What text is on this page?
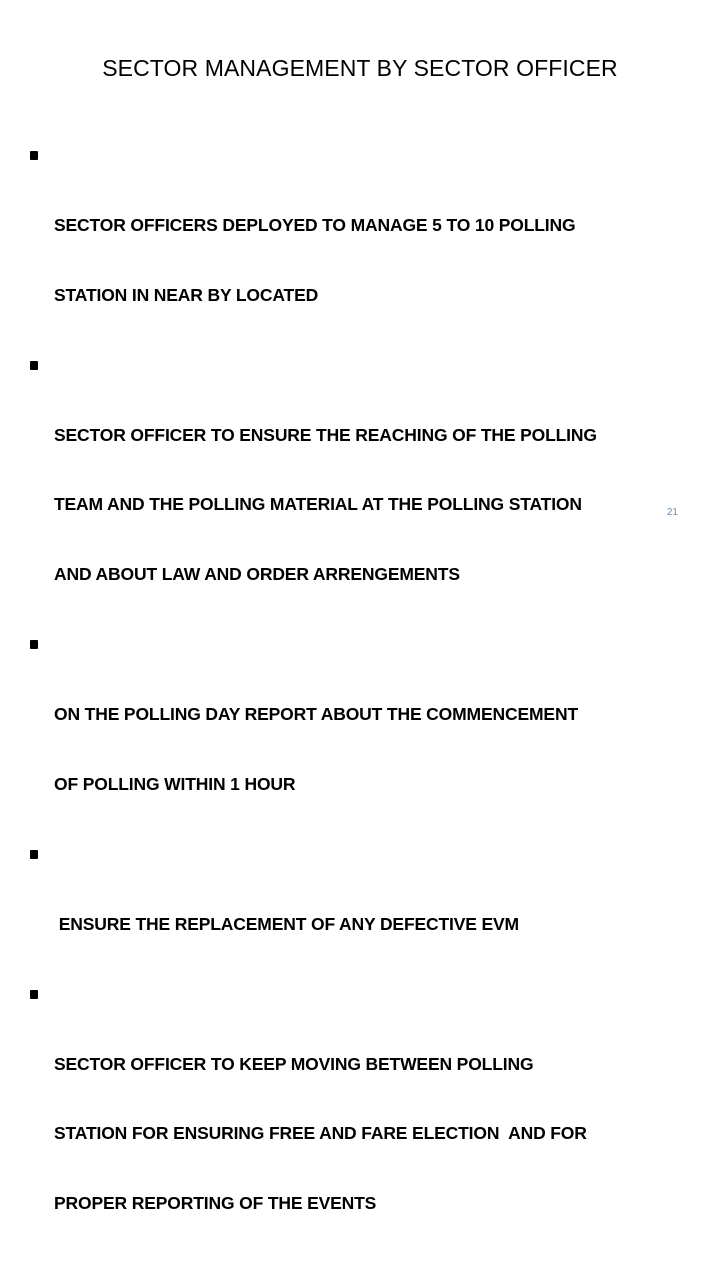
SECTOR MANAGEMENT BY SECTOR OFFICER

SECTOR OFFICERS DEPLOYED TO MANAGE 5 TO 10 POLLING

STATION IN NEAR BY LOCATED

SECTOR OFFICER TO ENSURE THE REACHING OF THE POLLING

TEAM AND THE POLLING MATERIAL AT THE POLLING STATION

AND ABOUT LAW AND ORDER ARRENGEMENTS

ON THE POLLING DAY REPORT ABOUT THE COMMENCEMENT

OF POLLING WITHIN 1 HOUR

ENSURE THE REPLACEMENT OF ANY DEFECTIVE EVM

SECTOR OFFICER TO KEEP MOVING BETWEEN POLLING

STATION FOR ENSURING FREE AND FARE ELECTION  AND FOR

PROPER REPORTING OF THE EVENTS

21
